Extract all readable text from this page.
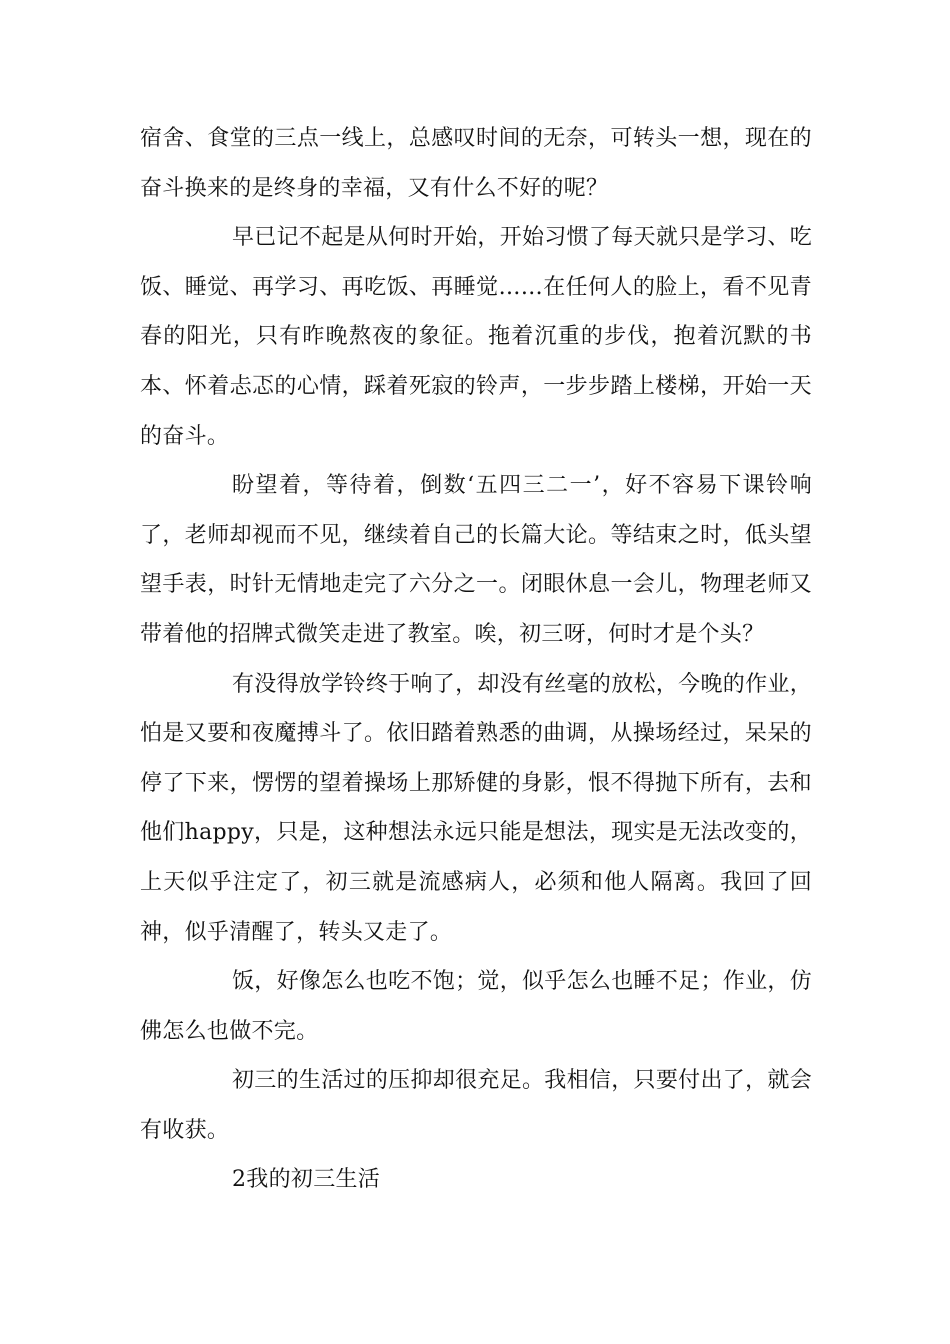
宿舍、食堂的三点一线上，总感叹时间的无奈，可转头一想，现在的奋斗换来的是终身的幸福，又有什么不好的呢？

早已记不起是从何时开始，开始习惯了每天就只是学习、吃饭、睡觉、再学习、再吃饭、再睡觉……在任何人的脸上，看不见青春的阳光，只有昨晚熬夜的象征。拖着沉重的步伐，抱着沉默的书本、怀着忐忑的心情，踩着死寂的铃声，一步步踏上楼梯，开始一天的奋斗。

盼望着，等待着，倒数‘五四三二一’，好不容易下课铃响了，老师却视而不见，继续着自己的长篇大论。等结束之时，低头望望手表，时针无情地走完了六分之一。闭眼休息一会儿，物理老师又带着他的招牌式微笑走进了教室。唉，初三呀，何时才是个头？

有没得放学铃终于响了，却没有丝毫的放松，今晚的作业，怕是又要和夜魔搏斗了。依旧踏着熟悉的曲调，从操场经过，呆呆的停了下来，愣愣的望着操场上那矫健的身影，恨不得抛下所有，去和他们happy，只是，这种想法永远只能是想法，现实是无法改变的，上天似乎注定了，初三就是流感病人，必须和他人隔离。我回了回神，似乎清醒了，转头又走了。

饭，好像怎么也吃不饱；觉，似乎怎么也睡不足；作业，仿佛怎么也做不完。

初三的生活过的压抑却很充足。我相信，只要付出了，就会有收获。

2我的初三生活
